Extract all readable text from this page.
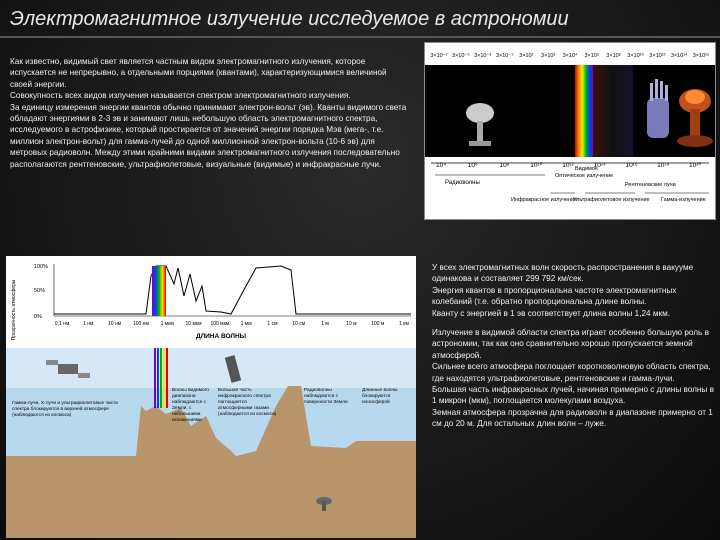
Электромагнитное излучение исследуемое в астрономии

Как известно, видимый свет является частным видом электромагнитного излучения, которое испускается не непрерывно, а отдельными порциями (квантами), характеризующимися величиной своей энергии.

Совокупность всех видов излучения называется спектром электромагнитного излучения.

За единицу измерения энергии квантов обычно принимают электрон-вольт (эв). Кванты видимого света обладают энергиями в 2-3 эв и занимают лишь небольшую область электромагнитного спектра, исследуемого в астрофизике, который простирается от значений энергии порядка Мэв (мега-, т.е. миллион электрон-вольт) для гамма-лучей до одной миллионной электрон-вольта (10-6 эв) для метровых радиоволн. Между этими крайними видами электромагнитного излучения последовательно располагаются рентгеновские, ультрафиолетовые, визуальные (видимые) и инфракрасные лучи.

3×10⁻⁷ 3×10⁻⁵ 3×10⁻³ 3×10⁻¹ 3×10¹ 3×10³ 3×10⁴ 3×10⁶ 3×10⁸ 3×10¹⁰ 3×10¹² 3×10¹⁴ 3×10¹⁶
10⁴	10⁶	10⁸	10¹⁰	10¹²	10¹⁴	10¹⁶	10¹⁸	10²⁰
Радиоволны
Оптическое излучение
Видимое
Рентгеновские лучи
Инфракрасное излучение
Ультрафиолетовое излучение Гамма-излучение
Прозрачность атмосферы
100%
50%
0%
0,1 нм	1 нм	10 нм 100 нм 1 мкм 10 мкм 100 мкм 1 мм	1 см	10 см	1 м	10 м	100 м	1 км
ДЛИНА ВОЛНЫ
Гамма-лучи, X-лучи и ультрафиолетовые части спектра блокируются в верхней атмосфере (наблюдаются из космоса)
Волны видимого диапазона наблюдаются с Земли, с небольшими искажениями
Большая часть инфракрасного спектра поглощается атмосферными газами (наблюдается из космоса)
Радиоволны наблюдаются с поверхности Земли
Длинные волны блокируются ионосферой

У всех электромагнитных волн скорость распространения в вакууме одинакова и составляет 299 792 км/сек.

Энергия квантов в пропорциональна частоте электромагнитных колебаний (т.е. обратно пропорциональна длине волны.

Кванту с энергией в 1 эв соответствует длина волны 1,24 мкм.

Излучение в видимой области спектра играет особенно большую роль в астрономии, так как оно сравнительно хорошо пропускается земной атмосферой.

Сильнее всего атмосфера поглощает коротковолновую область спектра, где находятся ультрафиолетовые, рентгеновские и гамма-лучи.

Большая часть инфракрасных лучей, начиная примерно с длины волны в 1 микрон (мкм), поглощается молекулами воздуха.

Земная атмосфера прозрачна для радиоволн в диапазоне примерно от 1 см до 20 м. Для остальных длин волн – луже.
